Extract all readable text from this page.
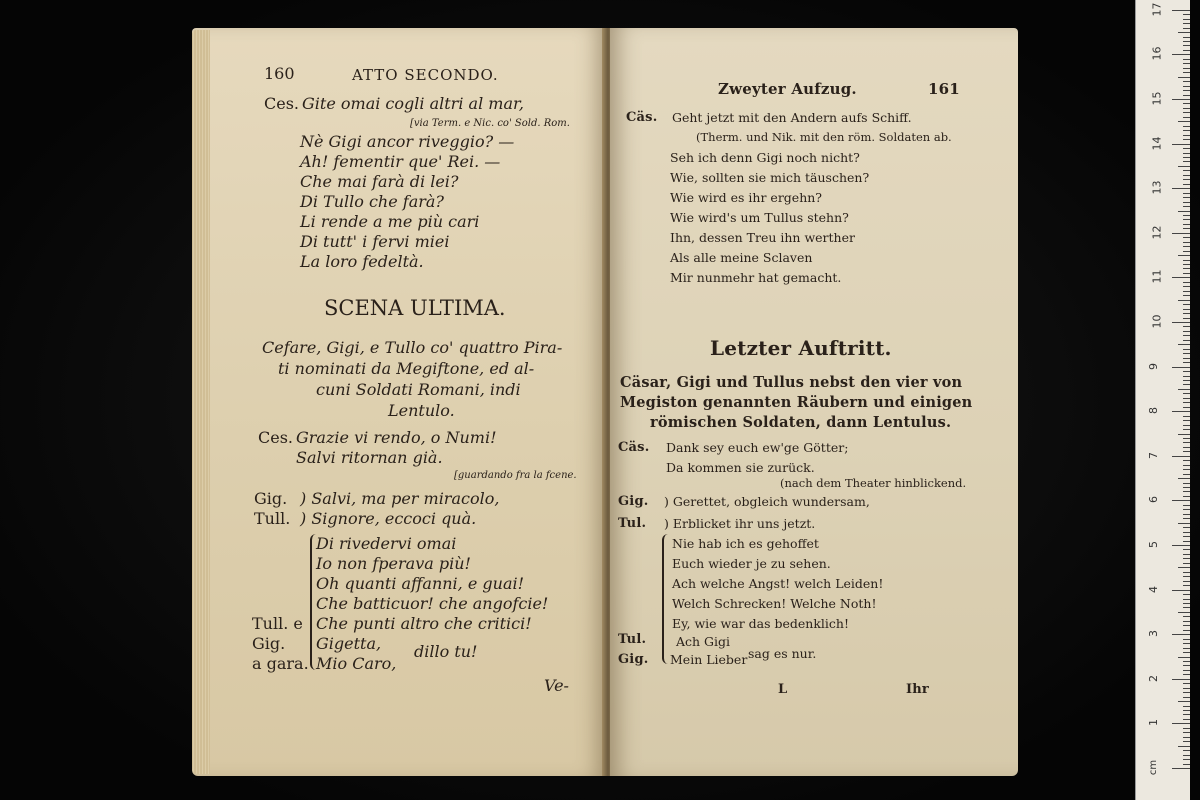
160	ATTO SECONDO.
Ces. Gite omai cogli altri al mar,
[via Term. e Nic. co' Sold. Rom.
Nè Gigi ancor riveggio? —
Ah! fementir que' Rei. —
Che mai farà di lei?
Di Tullo che farà?
Li rende a me più cari
Di tutt' i fervi miei
La loro fedeltà.
SCENA ULTIMA.
Cefare, Gigi, e Tullo co' quattro Pira-
ti nominati da Megiftone, ed al-
cuni Soldati Romani, indi
Lentulo.
Ces. Grazie vi rendo, o Numi!
Salvi ritornan già.
[guardando fra la fcene.
Gig. ) Salvi, ma per miracolo,
Tull. ) Signore, eccoci quà.
Di rivedervi omai
Io non fperava più!
Oh quanti affanni, e guai!
Che batticuor! che angofcie!
Che punti altro che critici!
Gigetta,
Mio Caro,
dillo tu!
Tull. e
Gig.
a gara.
Ve-
Zweyter Aufzug.	161
Cäs. Geht jetzt mit den Andern aufs Schiff.
(Therm. und Nik. mit den röm. Soldaten ab.
Seh ich denn Gigi noch nicht?
Wie, sollten sie mich täuschen?
Wie wird es ihr ergehn?
Wie wird's um Tullus stehn?
Ihn, dessen Treu ihn werther
Als alle meine Sclaven
Mir nunmehr hat gemacht.
Letzter Auftritt.
Cäsar, Gigi und Tullus nebst den vier von
Megiston genannten Räubern und einigen
römischen Soldaten, dann Lentulus.
Cäs. Dank sey euch ew'ge Götter;
Da kommen sie zurück.
(nach dem Theater hinblickend.
Gig. ) Gerettet, obgleich wundersam,
Tul. ) Erblicket ihr uns jetzt.
Nie hab ich es gehoffet
Euch wieder je zu sehen.
Ach welche Angst! welch Leiden!
Welch Schrecken! Welche Noth!
Ey, wie war das bedenklich!
Ach Gigi
Mein Lieber sag es nur.
Tul.
Gig.
L	Ihr
1
2
3
4
5
6
7
8
9
10
11
12
13
14
15
16
17
cm
